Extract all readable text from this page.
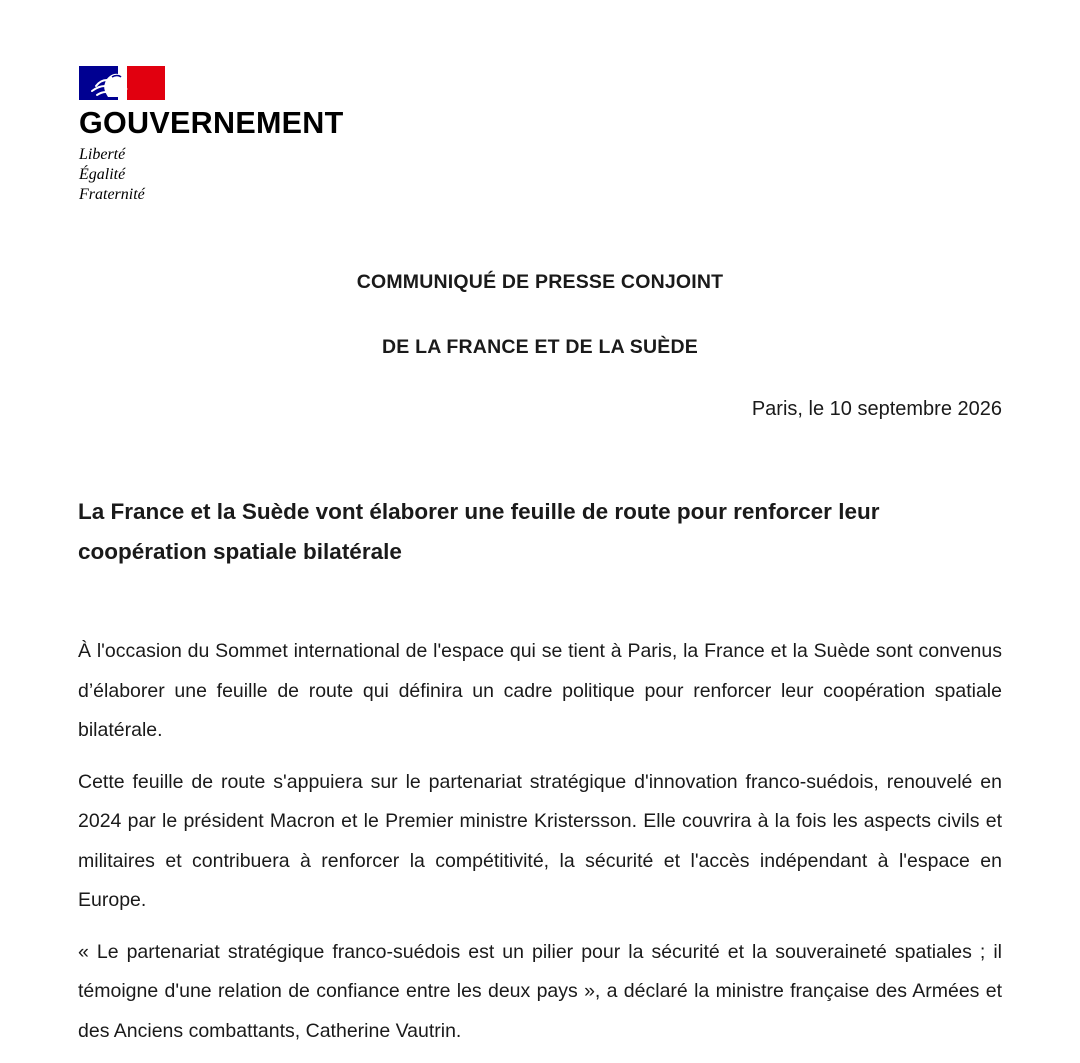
GOUVERNEMENT
Liberté
Égalité
Fraternité
COMMUNIQUÉ DE PRESSE CONJOINT
DE LA FRANCE ET DE LA SUÈDE
Paris, le 10 septembre 2026
La France et la Suède vont élaborer une feuille de route pour renforcer leur coopération spatiale bilatérale

À l'occasion du Sommet international de l'espace qui se tient à Paris, la France et la Suède sont convenus d’élaborer une feuille de route qui définira un cadre politique pour renforcer leur coopération spatiale bilatérale.

Cette feuille de route s'appuiera sur le partenariat stratégique d'innovation franco-suédois, renouvelé en 2024 par le président Macron et le Premier ministre Kristersson. Elle couvrira à la fois les aspects civils et militaires et contribuera à renforcer la compétitivité, la sécurité et l'accès indépendant à l'espace en Europe.

« Le partenariat stratégique franco-suédois est un pilier pour la sécurité et la souveraineté spatiales ; il témoigne d'une relation de confiance entre les deux pays », a déclaré la ministre française des Armées et des Anciens combattants, Catherine Vautrin.
